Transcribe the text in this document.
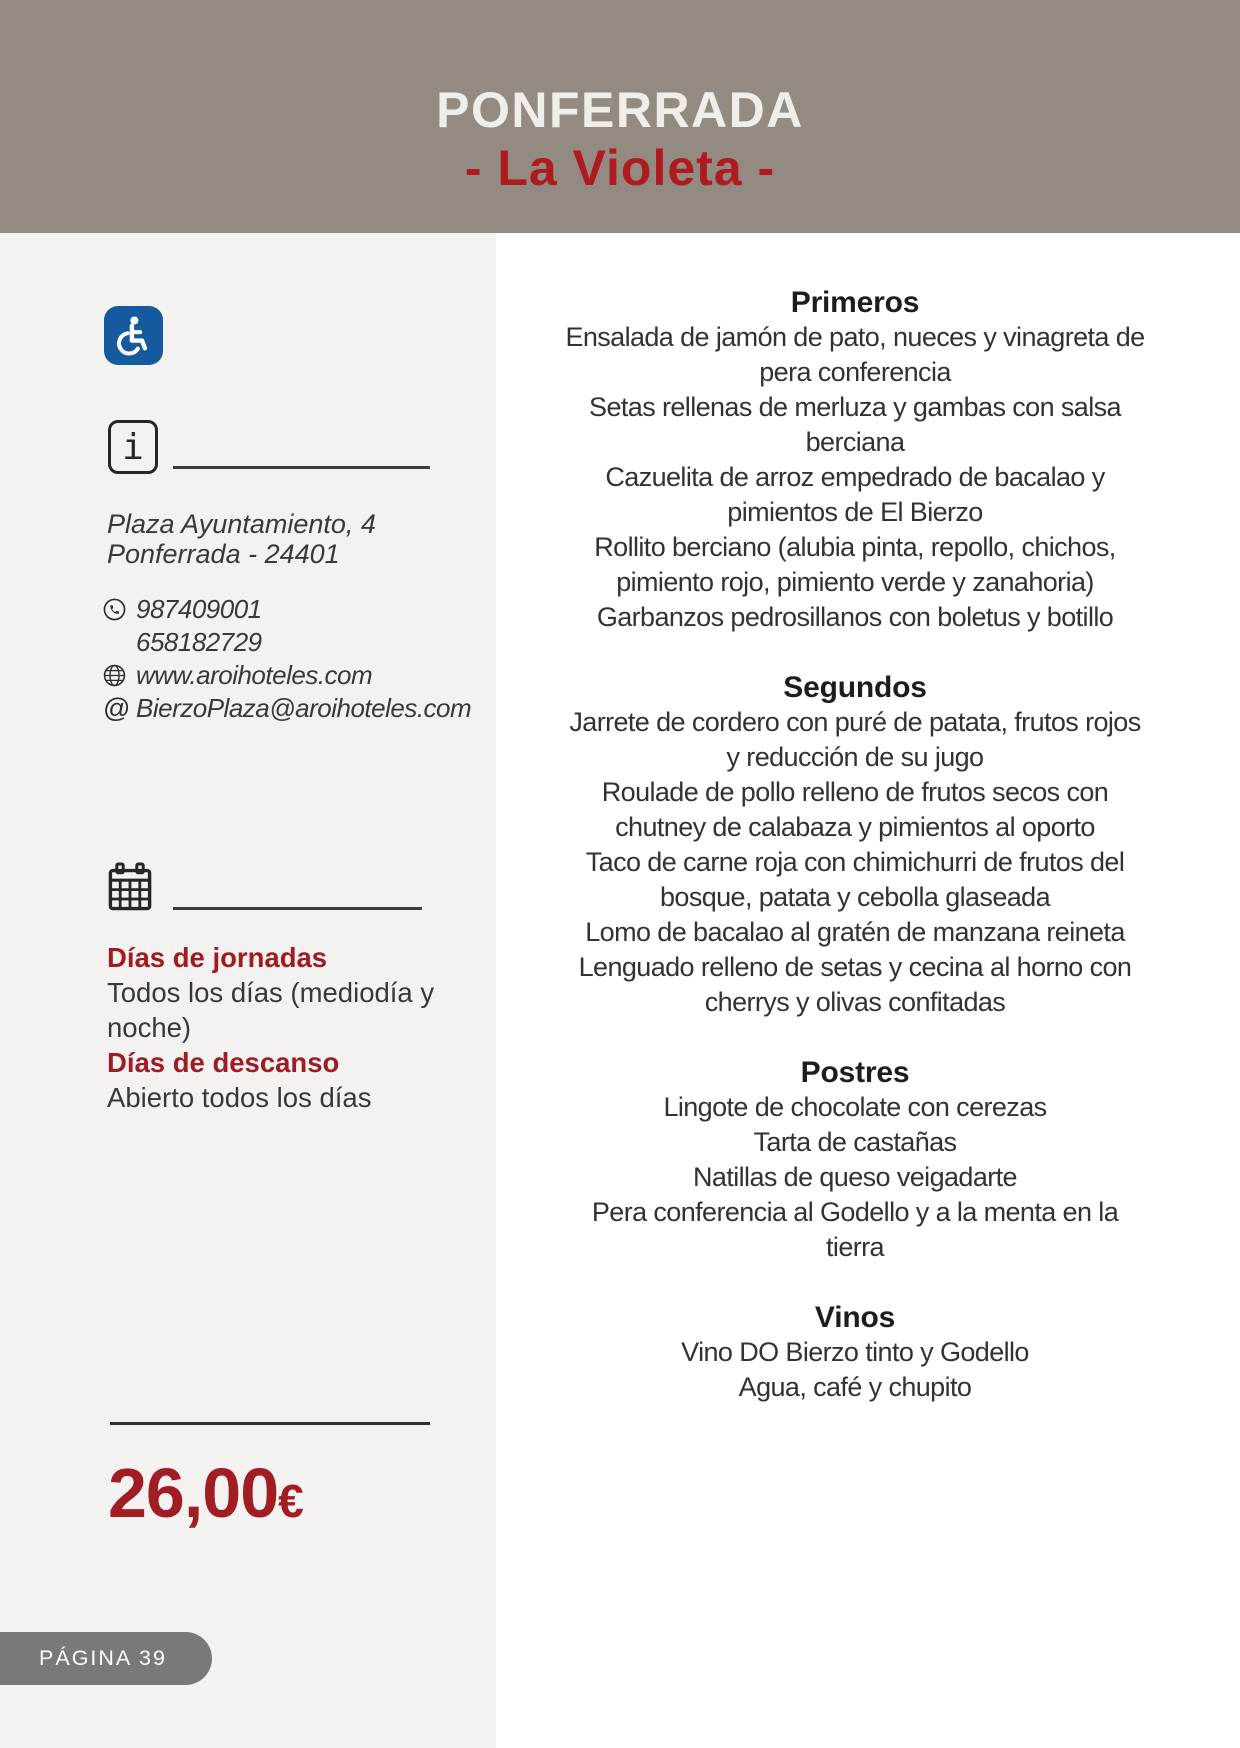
PONFERRADA
- La Violeta -
i
Plaza Ayuntamiento, 4
Ponferrada - 24401
987409001
658182729
www.aroihoteles.com
@ BierzoPlaza@aroihoteles.com
Días de jornadas
Todos los días (mediodía y noche)
Días de descanso
Abierto todos los días
26,00€
PÁGINA 39
Primeros
Ensalada de jamón de pato, nueces y vinagreta de pera conferencia
Setas rellenas de merluza y gambas con salsa berciana
Cazuelita de arroz empedrado de bacalao y pimientos de El Bierzo
Rollito berciano (alubia pinta, repollo, chichos, pimiento rojo, pimiento verde y zanahoria)
Garbanzos pedrosillanos con boletus y botillo
Segundos
Jarrete de cordero con puré de patata, frutos rojos y reducción de su jugo
Roulade de pollo relleno de frutos secos con chutney de calabaza y pimientos al oporto
Taco de carne roja con chimichurri de frutos del bosque, patata y cebolla glaseada
Lomo de bacalao al gratén de manzana reineta
Lenguado relleno de setas y cecina al horno con cherrys y olivas confitadas
Postres
Lingote de chocolate con cerezas
Tarta de castañas
Natillas de queso veigadarte
Pera conferencia al Godello y a la menta en la tierra
Vinos
Vino DO Bierzo tinto y Godello
Agua, café y chupito
